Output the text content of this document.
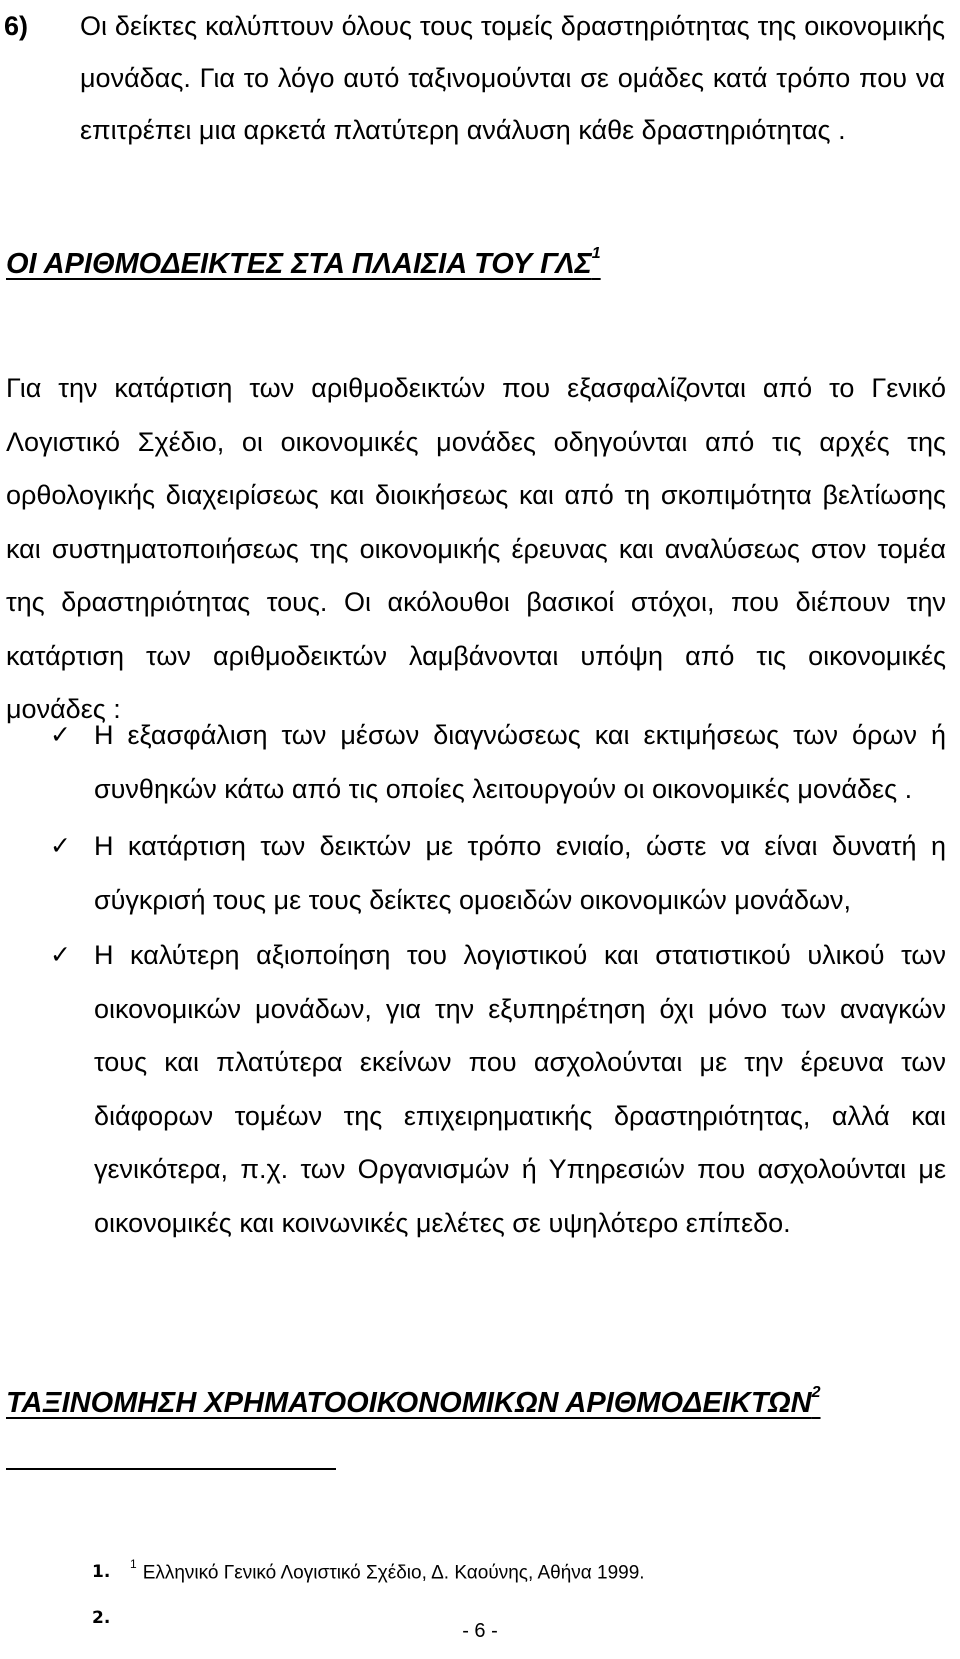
6) Οι δείκτες καλύπτουν όλους τους τομείς δραστηριότητας της οικονομικής μονάδας. Για το λόγο αυτό ταξινομούνται σε ομάδες κατά τρόπο που να επιτρέπει μια αρκετά πλατύτερη ανάλυση κάθε δραστηριότητας .
ΟΙ ΑΡΙΘΜΟΔΕΙΚΤΕΣ ΣΤΑ ΠΛΑΙΣΙΑ ΤΟΥ ΓΛΣ$^1$

Για την κατάρτιση των αριθμοδεικτών που εξασφαλίζονται από το Γενικό Λογιστικό Σχέδιο, οι οικονομικές μονάδες οδηγούνται από τις αρχές της ορθολογικής διαχειρίσεως και διοικήσεως και από τη σκοπιμότητα βελτίωσης και συστηματοποιήσεως της οικονομικής έρευνας και αναλύσεως στον τομέα της δραστηριότητας τους. Οι ακόλουθοι βασικοί στόχοι, που διέπουν την κατάρτιση των αριθμοδεικτών λαμβάνονται υπόψη από τις οικονομικές μονάδες :

✓ Η εξασφάλιση των μέσων διαγνώσεως και εκτιμήσεως των όρων ή συνθηκών κάτω από τις οποίες λειτουργούν οι οικονομικές μονάδες .
✓ Η κατάρτιση των δεικτών με τρόπο ενιαίο, ώστε να είναι δυνατή η σύγκρισή τους με τους δείκτες ομοειδών οικονομικών μονάδων,
✓ Η καλύτερη αξιοποίηση του λογιστικού και στατιστικού υλικού των οικονομικών μονάδων, για την εξυπηρέτηση όχι μόνο των αναγκών τους και πλατύτερα εκείνων που ασχολούνται με την έρευνα των διάφορων τομέων της επιχειρηματικής δραστηριότητας, αλλά και γενικότερα, π.χ. των Οργανισμών ή Υπηρεσιών που ασχολούνται με οικονομικές και κοινωνικές μελέτες σε υψηλότερο επίπεδο.
ΤΑΞΙΝΟΜΗΣΗ ΧΡΗΜΑΤΟΟΙΚΟΝΟΜΙΚΩΝ ΑΡΙΘΜΟΔΕΙΚΤΩΝ$^2$
1. $^1$ Ελληνικό Γενικό Λογιστικό Σχέδιο, Δ. Καούνης, Αθήνα 1999.
2.
- 6 -
